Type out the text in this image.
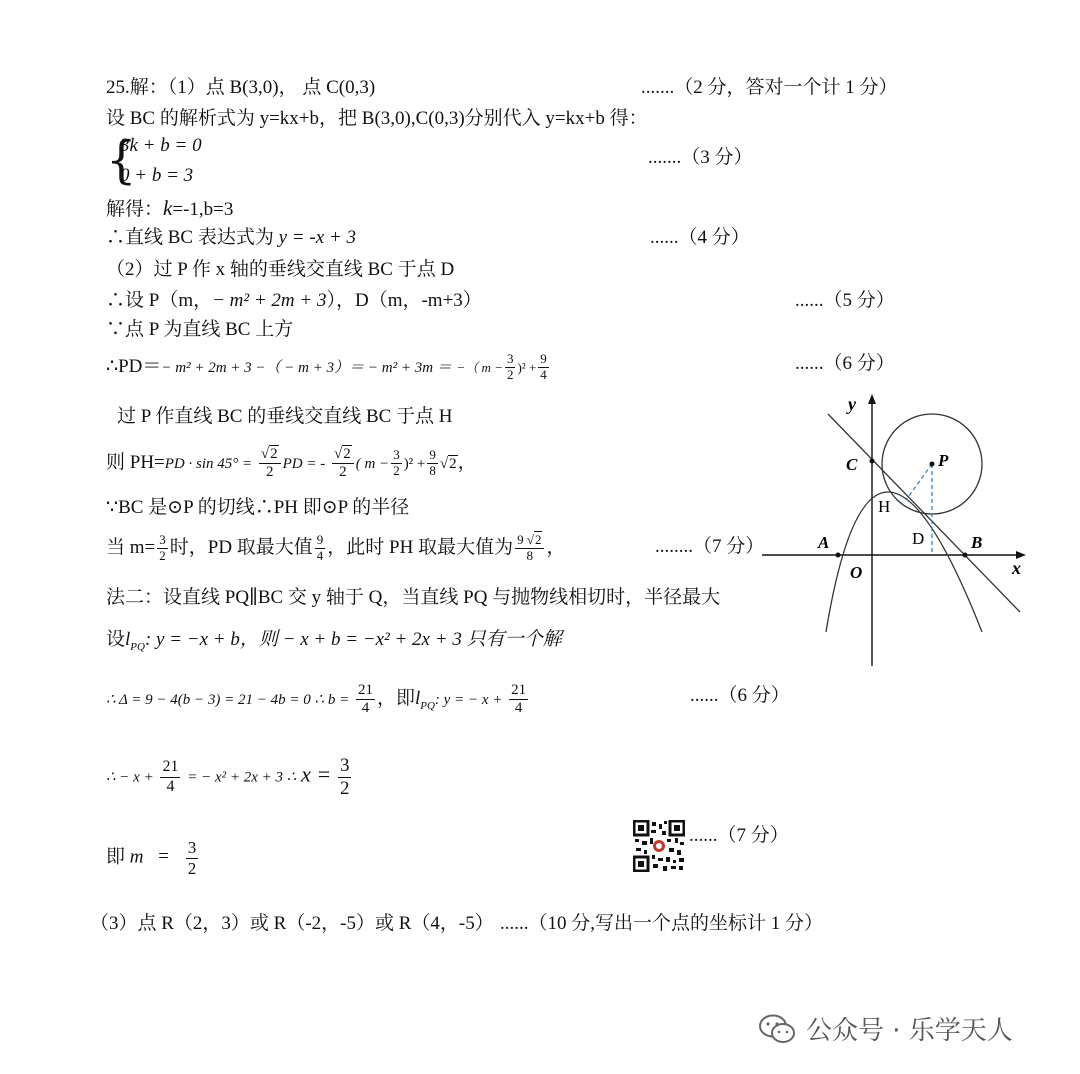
25.解：（1）点 B(3,0)， 点 C(0,3)	.......（2 分，答对一个计 1 分）
设 BC 的解析式为 y=kx+b，把 B(3,0),C(0,3)分别代入 y=kx+b 得：
{
3k + b = 0
0 + b = 3
.......（3 分）
解得：k=-1,b=3
∴直线 BC 表达式为 y = -x + 3	......（4 分）
（2）过 P 作 x 轴的垂线交直线 BC 于点 D
∴设 P（m，− m² + 2m + 3），D（m，-m+3）	......（5 分）
∵点 P 为直线 BC 上方
∴PD＝− m² + 2m + 3 −（ − m + 3）＝ − m² + 3m ＝ −（ $m - \frac{3}{2} )^2 + \frac{9}{4}$	......（6 分）
过 P 作直线 BC 的垂线交直线 BC 于点 H
则 $PH=PD \cdot \sin 45^\circ = \frac{√2}{2}$ PD = - $\frac{√2}{2}$ ( $m - \frac{3}{2} )^2 + \frac{9}{8} √2$，
∵BC 是⊙P 的切线∴PH 即⊙P 的半径
当 $m= \frac{3}{2}$ 时，PD 取最大值 $\frac{9}{4}$ ，此时 PH 取最大值为 $\frac{9 √2}{8}$ ，	........（7 分）
法二：设直线 PQ∥BC 交 y 轴于 Q，当直线 PQ 与抛物线相切时，半径最大
设$l_{PQ}$: y = −x + b，则 − x + b = −x² + 2x + 3 只有一个解
∴ Δ = 9 − 4(b − 3) = 21 − 4b = 0 ∴ $b = \frac{21}{4}$ ，即$l_{PQ}$: y = − $x + \frac{21}{4}$	......（6 分）
∴ − $x + \frac{21}{4}$ = − x² + 2x + 3 ∴ $x = \frac{3}{2}$
即 $m = \frac{3}{2}$
......（7 分）
（3）点 R（2，3）或 R（-2，-5）或 R（4，-5） ......（10 分,写出一个点的坐标计 1 分）
y
x
C	P
H
D
A	B
O
公众号 · 乐学天人
